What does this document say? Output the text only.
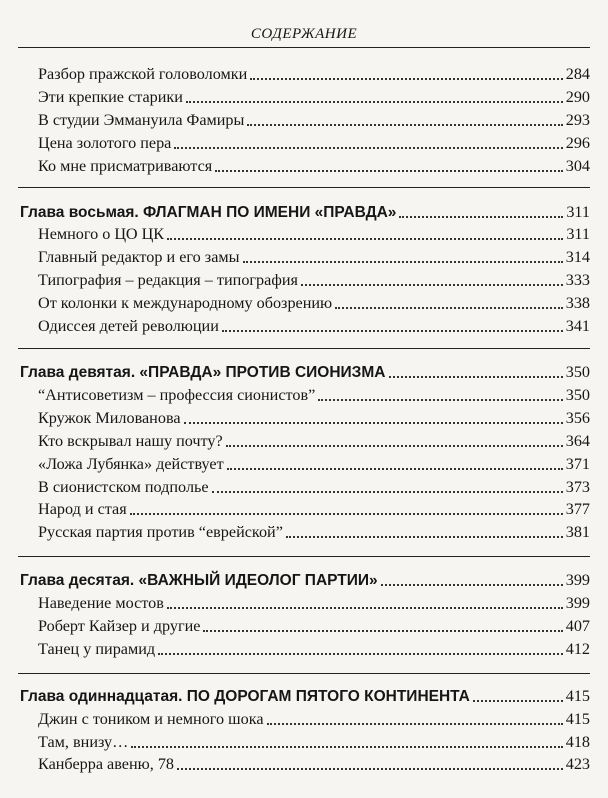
СОДЕРЖАНИЕ
Разбор пражской головоломки	284
Эти крепкие старики	290
В студии Эммануила Фамиры	293
Цена золотого пера	296
Ко мне присматриваются	304
Глава восьмая. ФЛАГМАН ПО ИМЕНИ «ПРАВДА»	311
Немного о ЦО ЦК	311
Главный редактор и его замы	314
Типография – редакция – типография	333
От колонки к международному обозрению	338
Одиссея детей революции	341
Глава девятая. «ПРАВДА» ПРОТИВ СИОНИЗМА	350
“Антисоветизм – профессия сионистов”	350
Кружок Милованова	356
Кто вскрывал нашу почту?	364
«Ложа Лубянка» действует	371
В сионистском подполье	373
Народ и стая	377
Русская партия против “еврейской”	381
Глава десятая. «ВАЖНЫЙ ИДЕОЛОГ ПАРТИИ»	399
Наведение мостов	399
Роберт Кайзер и другие	407
Танец у пирамид	412
Глава одиннадцатая. ПО ДОРОГАМ ПЯТОГО КОНТИНЕНТА	415
Джин с тоником и немного шока	415
Там, внизу…	418
Канберра авеню, 78	423
